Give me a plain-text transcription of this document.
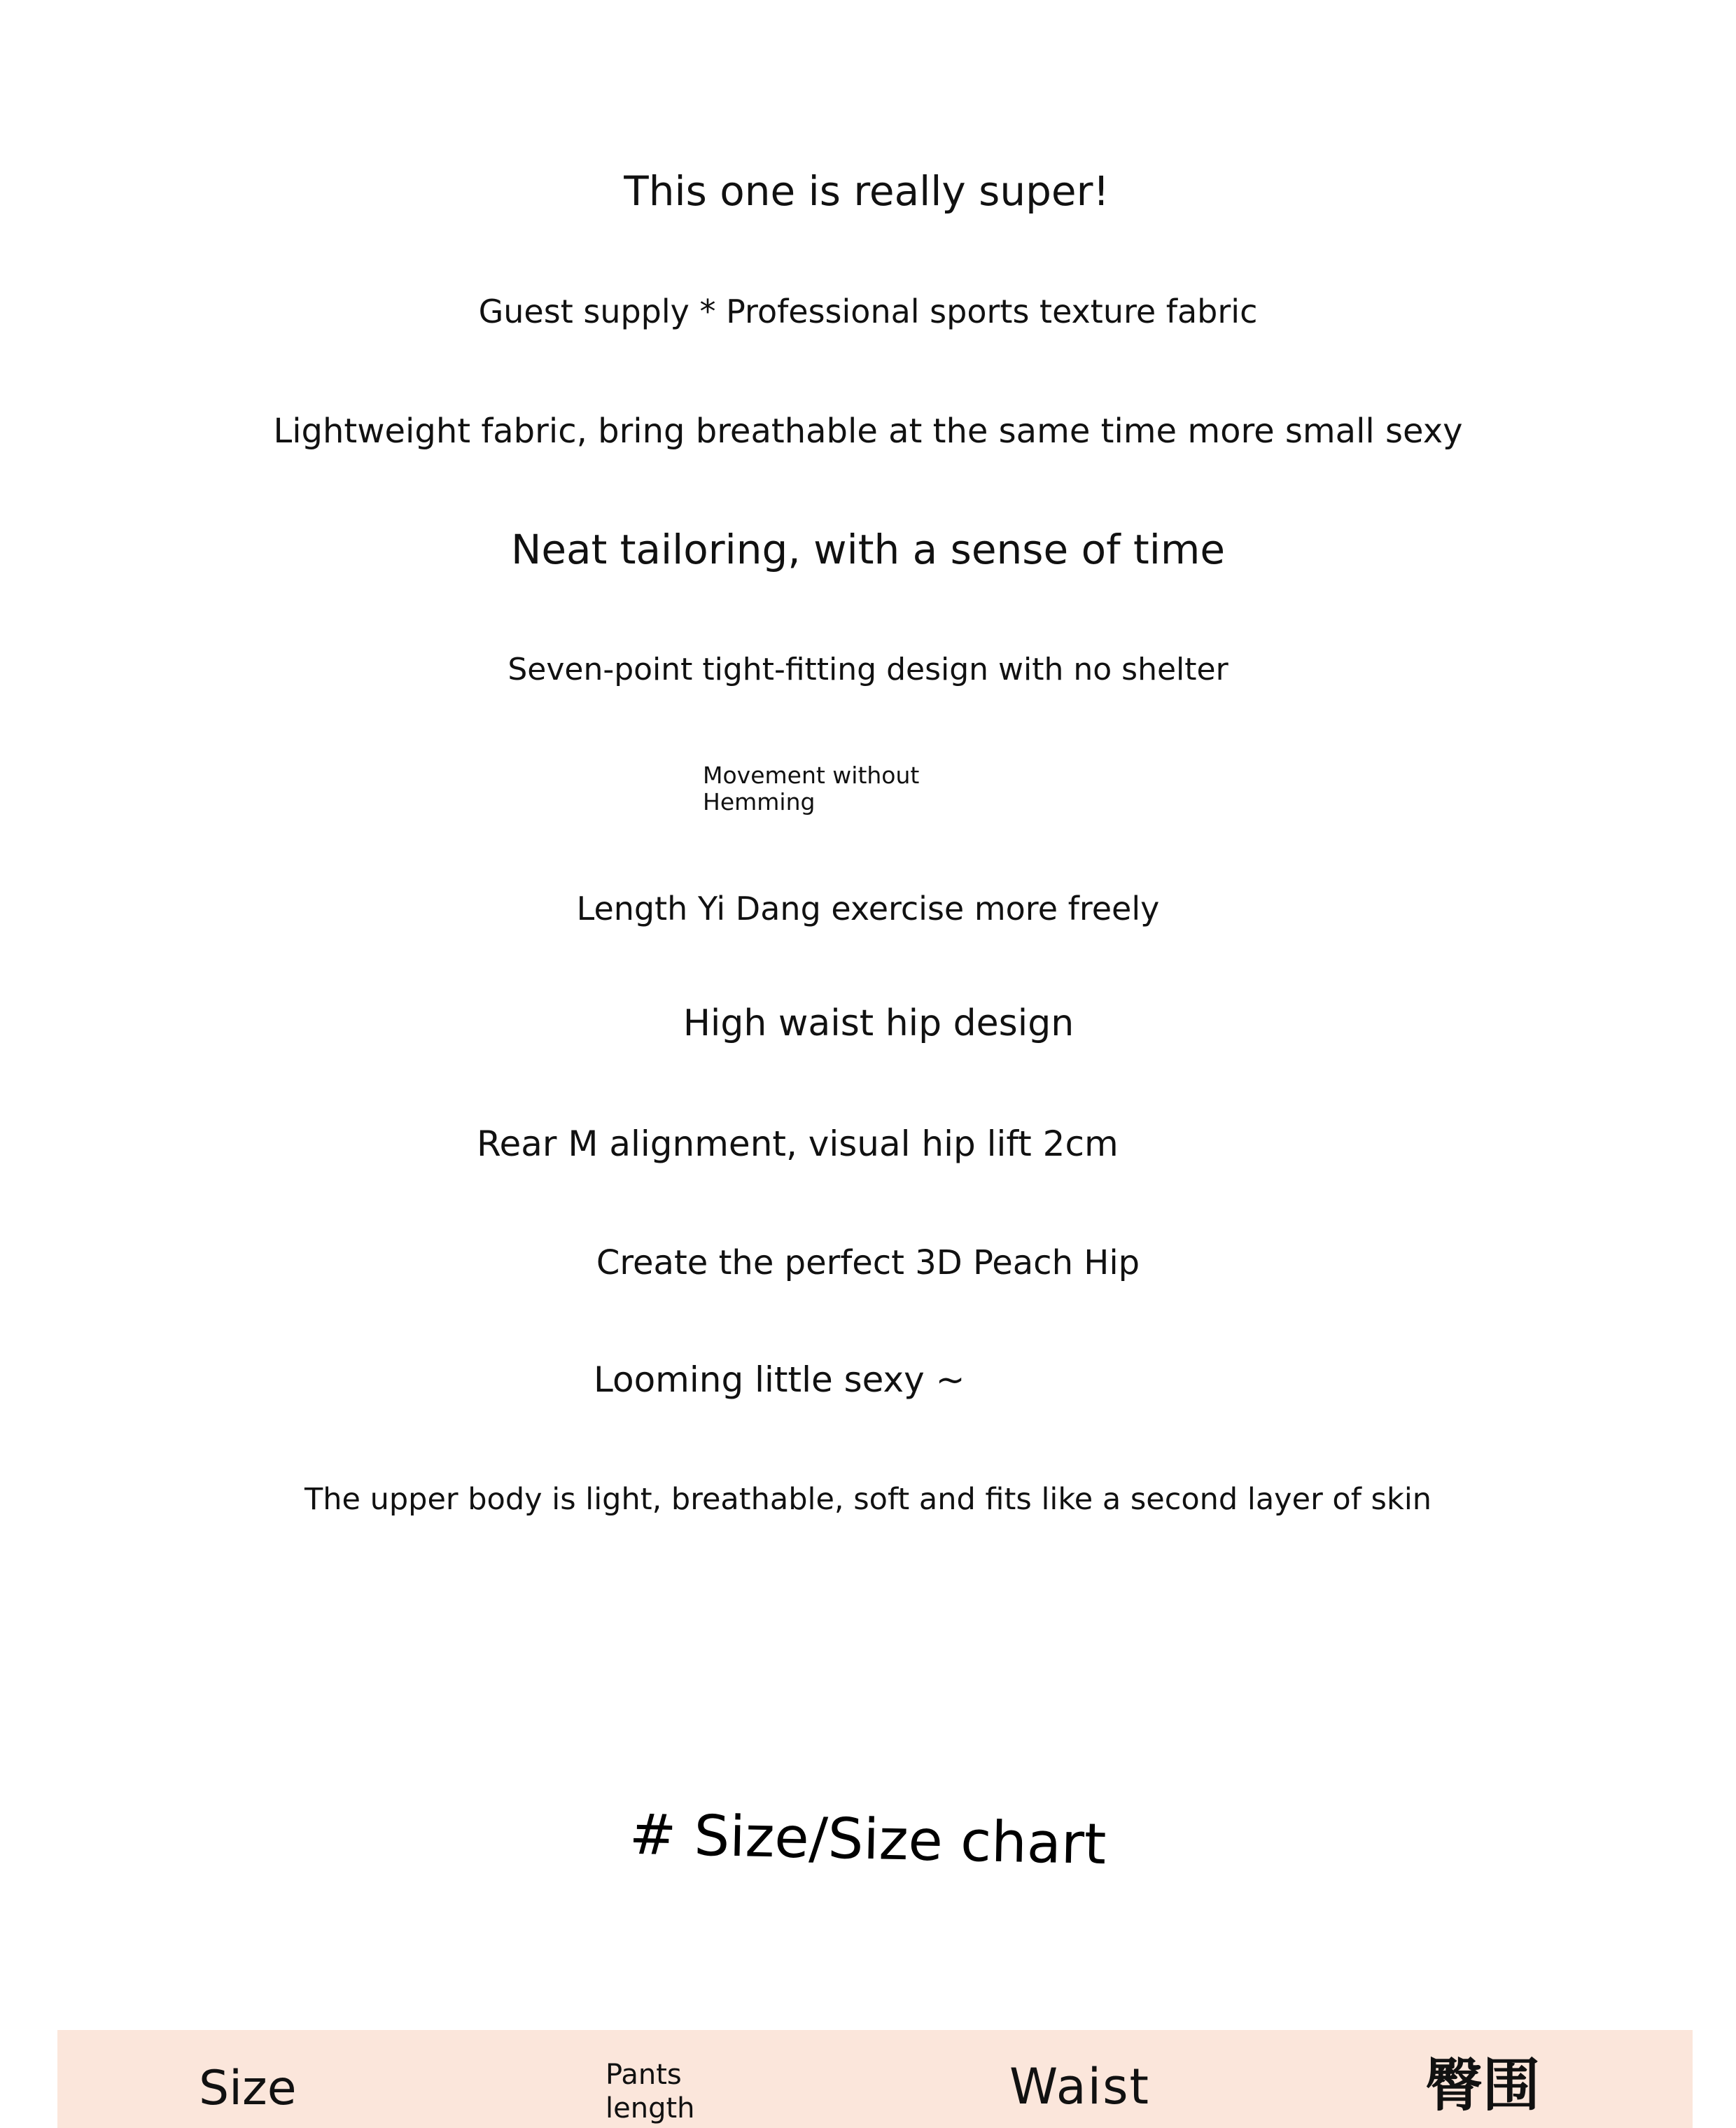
This one is really super!
Guest supply * Professional sports texture fabric
Lightweight fabric, bring breathable at the same time more small sexy
Neat tailoring, with a sense of time
Seven-point tight-fitting design with no shelter
Movement without
Hemming
Length Yi Dang exercise more freely
High waist hip design
Rear M alignment, visual hip lift 2cm
Create the perfect 3D Peach Hip
Looming little sexy ~
The upper body is light, breathable, soft and fits like a second layer of skin
# Size/Size chart
Size	Pants length	Waist	臀围
